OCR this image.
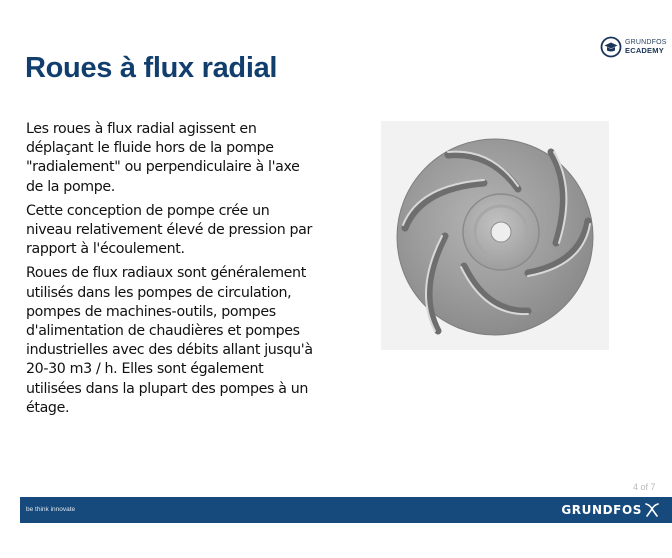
GRUNDFOS
ECADEMY
Roues à flux radial

Les roues à flux radial agissent en déplaçant le fluide hors de la pompe "radialement" ou perpendiculaire à l'axe de la pompe.

Cette conception de pompe crée un niveau relativement élevé de pression par rapport à l'écoulement.

Roues de flux radiaux sont généralement utilisés dans les pompes de circulation, pompes de machines-outils, pompes d'alimentation de chaudières et pompes industrielles avec des débits allant jusqu'à 20-30 m3 / h. Elles sont également utilisées dans la plupart des pompes à un étage.

4 of 7
be think innovate	GRUNDFOS
